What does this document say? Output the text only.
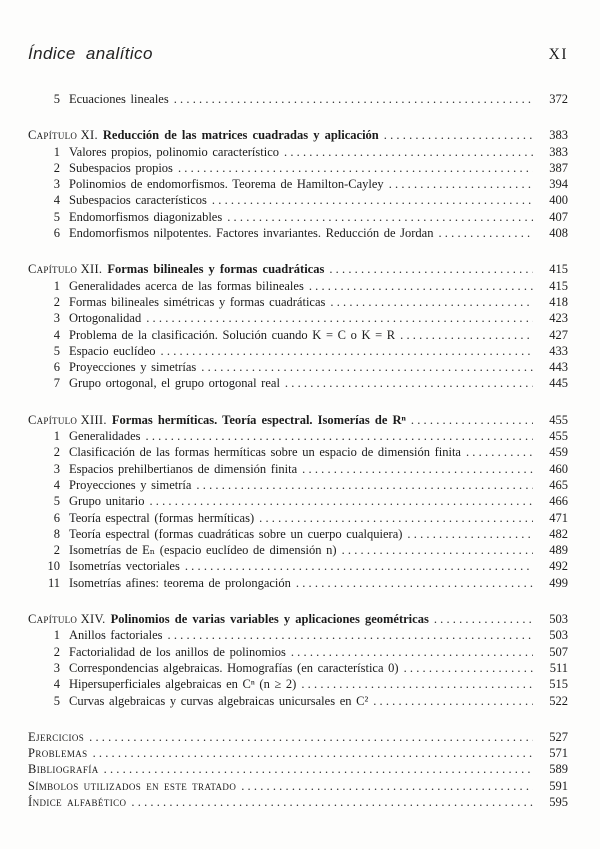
Índice analítico	XI
5 Ecuaciones lineales .....	372
Capítulo XI. Reducción de las matrices cuadradas y aplicación .....	383
1 Valores propios, polinomio característico .....	383
2 Subespacios propios .....	387
3 Polinomios de endomorfismos. Teorema de Hamilton-Cayley .....	394
4 Subespacios característicos .....	400
5 Endomorfismos diagonizables .....	407
6 Endomorfismos nilpotentes. Factores invariantes. Reducción de Jordan .....	408
Capítulo XII. Formas bilineales y formas cuadráticas .....	415
1 Generalidades acerca de las formas bilineales .....	415
2 Formas bilineales simétricas y formas cuadráticas .....	418
3 Ortogonalidad .....	423
4 Problema de la clasificación. Solución cuando K = C o K = R .....	427
5 Espacio euclídeo .....	433
6 Proyecciones y simetrías .....	443
7 Grupo ortogonal, el grupo ortogonal real .....	445
Capítulo XIII. Formas hermíticas. Teoría espectral. Isomerías de Rⁿ .....	455
1 Generalidades .....	455
2 Clasificación de las formas hermíticas sobre un espacio de dimensión finita .....	459
3 Espacios prehilbertianos de dimensión finita .....	460
4 Proyecciones y simetría .....	465
5 Grupo unitario .....	466
6 Teoría espectral (formas hermíticas) .....	471
8 Teoría espectral (formas cuadráticas sobre un cuerpo cualquiera) .....	482
2 Isometrías de Eₙ (espacio euclídeo de dimensión n) .....	489
10 Isometrías vectoriales .....	492
11 Isometrías afines: teorema de prolongación .....	499
Capítulo XIV. Polinomios de varias variables y aplicaciones geométricas .....	503
1 Anillos factoriales .....	503
2 Factorialidad de los anillos de polinomios .....	507
3 Correspondencias algebraicas. Homografías (en característica 0) .....	511
4 Hipersuperficiales algebraicas en Cⁿ (n ≥ 2) .....	515
5 Curvas algebraicas y curvas algebraicas unicursales en C² .....	522
Ejercicios .....	527
Problemas .....	571
Bibliografía .....	589
Símbolos utilizados en este tratado .....	591
Índice alfabético .....	595
